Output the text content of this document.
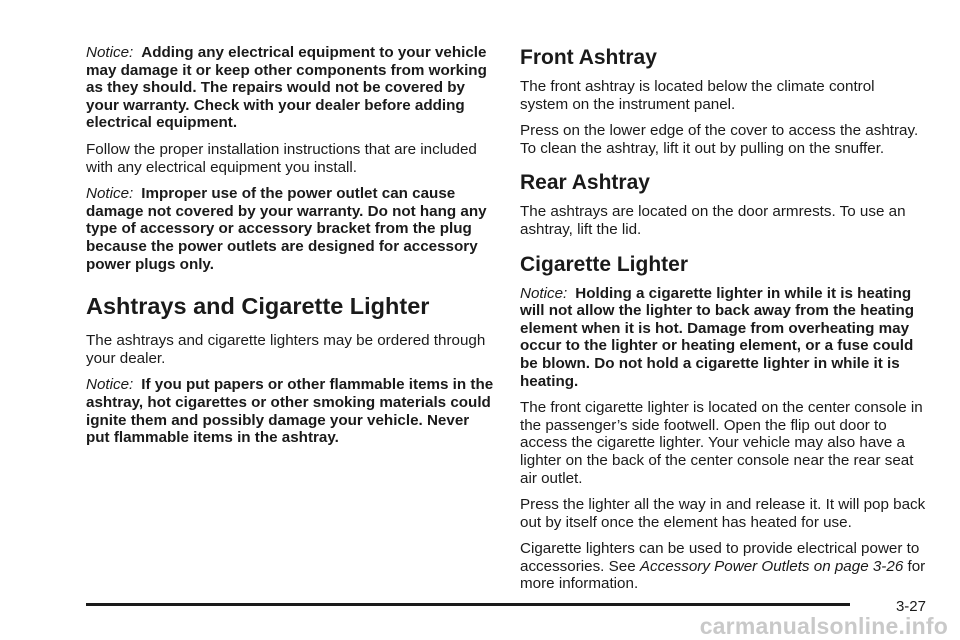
Notice: Adding any electrical equipment to your vehicle may damage it or keep other components from working as they should. The repairs would not be covered by your warranty. Check with your dealer before adding electrical equipment.

Follow the proper installation instructions that are included with any electrical equipment you install.

Notice: Improper use of the power outlet can cause damage not covered by your warranty. Do not hang any type of accessory or accessory bracket from the plug because the power outlets are designed for accessory power plugs only.

Ashtrays and Cigarette Lighter

The ashtrays and cigarette lighters may be ordered through your dealer.

Notice: If you put papers or other flammable items in the ashtray, hot cigarettes or other smoking materials could ignite them and possibly damage your vehicle. Never put flammable items in the ashtray.

Front Ashtray

The front ashtray is located below the climate control system on the instrument panel.

Press on the lower edge of the cover to access the ashtray. To clean the ashtray, lift it out by pulling on the snuffer.

Rear Ashtray

The ashtrays are located on the door armrests. To use an ashtray, lift the lid.

Cigarette Lighter

Notice: Holding a cigarette lighter in while it is heating will not allow the lighter to back away from the heating element when it is hot. Damage from overheating may occur to the lighter or heating element, or a fuse could be blown. Do not hold a cigarette lighter in while it is heating.

The front cigarette lighter is located on the center console in the passenger’s side footwell. Open the flip out door to access the cigarette lighter. Your vehicle may also have a lighter on the back of the center console near the rear seat air outlet.

Press the lighter all the way in and release it. It will pop back out by itself once the element has heated for use.

Cigarette lighters can be used to provide electrical power to accessories. See Accessory Power Outlets on page 3-26 for more information.

3-27
carmanualsonline.info
